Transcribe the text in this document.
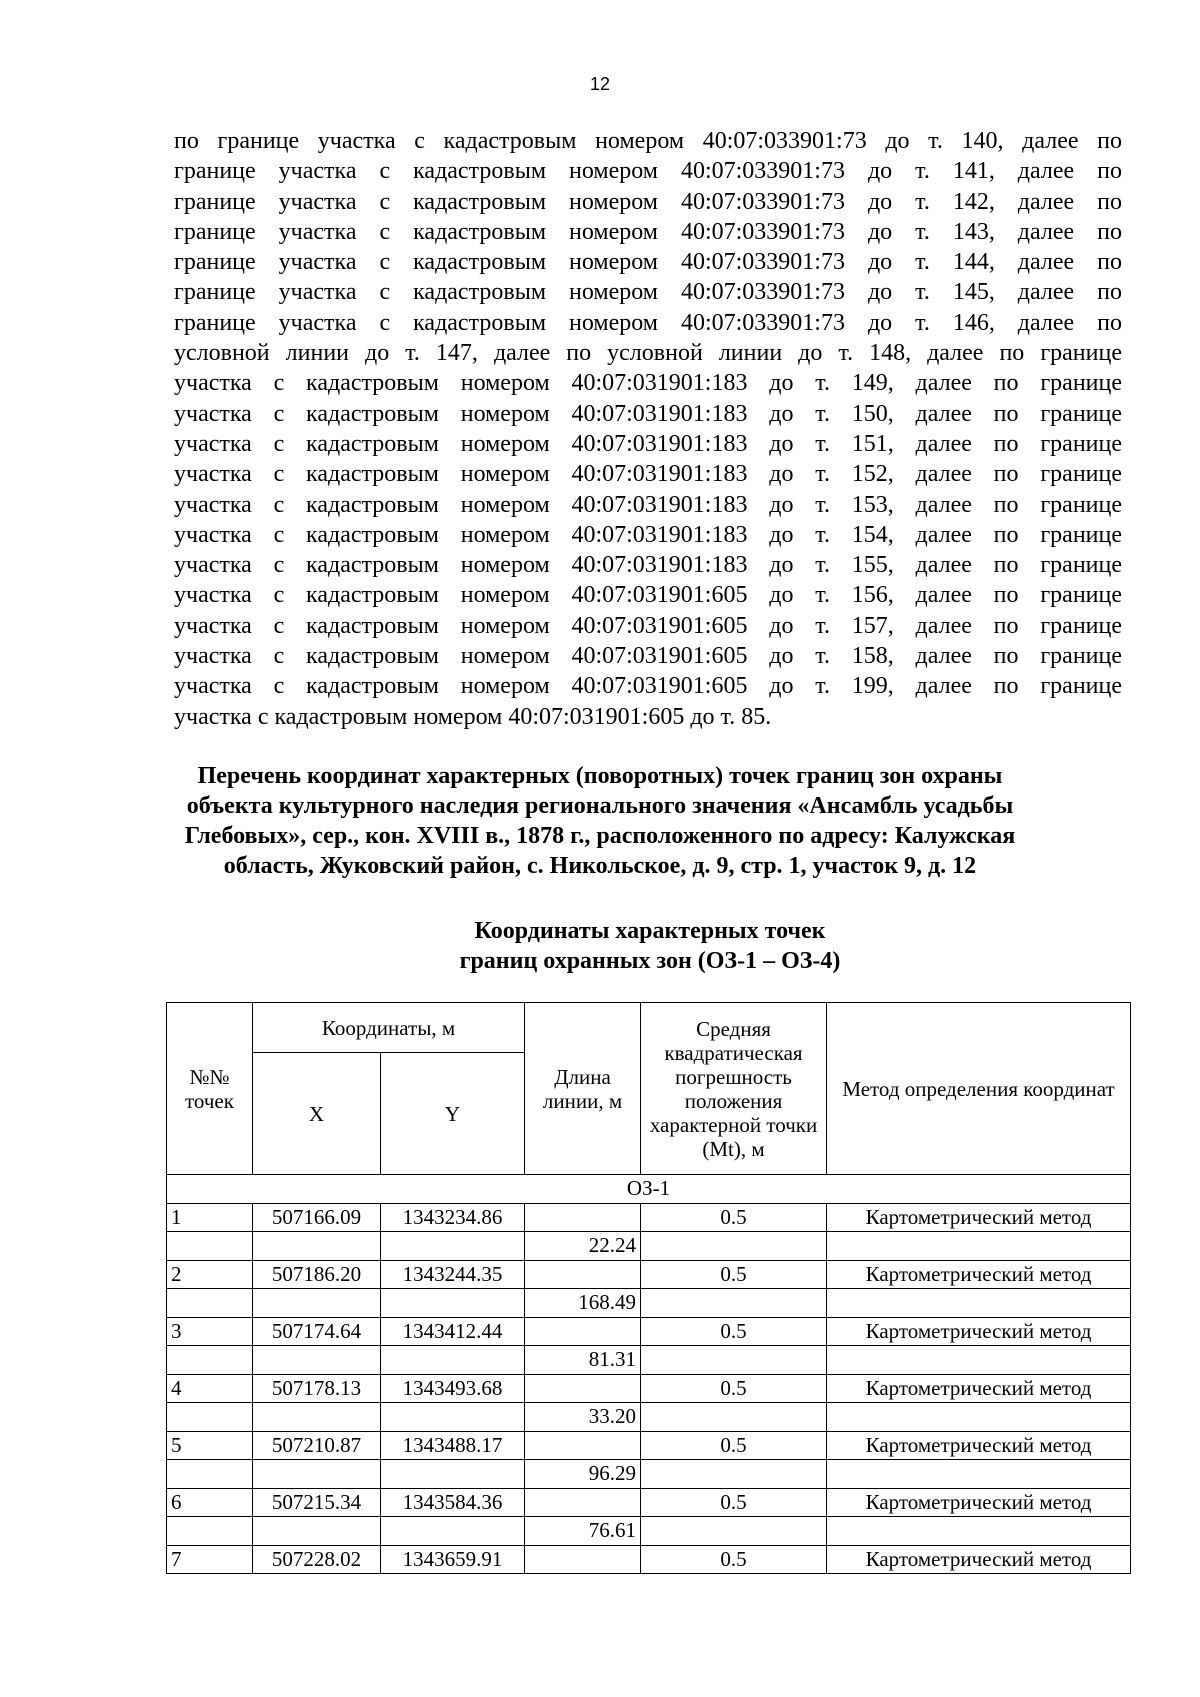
12
по границе участка с кадастровым номером 40:07:033901:73 до т. 140, далее по
границе участка с кадастровым номером 40:07:033901:73 до т. 141, далее по
границе участка с кадастровым номером 40:07:033901:73 до т. 142, далее по
границе участка с кадастровым номером 40:07:033901:73 до т. 143, далее по
границе участка с кадастровым номером 40:07:033901:73 до т. 144, далее по
границе участка с кадастровым номером 40:07:033901:73 до т. 145, далее по
границе участка с кадастровым номером 40:07:033901:73 до т. 146, далее по
условной линии до т. 147, далее по условной линии до т. 148, далее по границе
участка с кадастровым номером 40:07:031901:183 до т. 149, далее по границе
участка с кадастровым номером 40:07:031901:183 до т. 150, далее по границе
участка с кадастровым номером 40:07:031901:183 до т. 151, далее по границе
участка с кадастровым номером 40:07:031901:183 до т. 152, далее по границе
участка с кадастровым номером 40:07:031901:183 до т. 153, далее по границе
участка с кадастровым номером 40:07:031901:183 до т. 154, далее по границе
участка с кадастровым номером 40:07:031901:183 до т. 155, далее по границе
участка с кадастровым номером 40:07:031901:605 до т. 156, далее по границе
участка с кадастровым номером 40:07:031901:605 до т. 157, далее по границе
участка с кадастровым номером 40:07:031901:605 до т. 158, далее по границе
участка с кадастровым номером 40:07:031901:605 до т. 199, далее по границе
участка с кадастровым номером 40:07:031901:605 до т. 85.
Перечень координат характерных (поворотных) точек границ зон охраны
объекта культурного наследия регионального значения «Ансамбль усадьбы
Глебовых», сер., кон. XVIII в., 1878 г., расположенного по адресу: Калужская
область, Жуковский район, с. Никольское, д. 9, стр. 1, участок 9, д. 12
Координаты характерных точек
границ охранных зон (ОЗ-1 – ОЗ-4)
№№ точек	Координаты, м		Длина линии, м	Средняя квадратическая погрешность положения характерной точки (Mt), м	Метод определения координат
	X	Y			
ОЗ-1					
1	507166.09	1343234.86		0.5	Картометрический метод
			22.24		
2	507186.20	1343244.35		0.5	Картометрический метод
			168.49		
3	507174.64	1343412.44		0.5	Картометрический метод
			81.31		
4	507178.13	1343493.68		0.5	Картометрический метод
			33.20		
5	507210.87	1343488.17		0.5	Картометрический метод
			96.29		
6	507215.34	1343584.36		0.5	Картометрический метод
			76.61		
7	507228.02	1343659.91		0.5	Картометрический метод
